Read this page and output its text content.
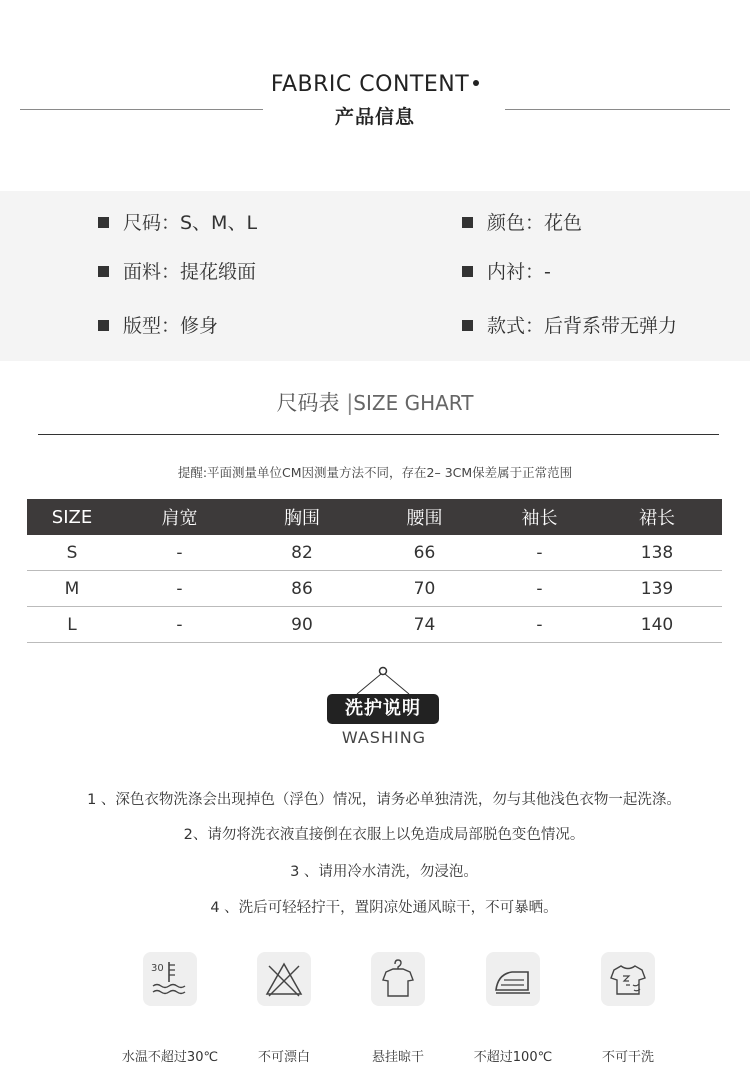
FABRIC CONTENT
产品信息
尺码：S、M、L	颜色：花色
面料：提花缎面	内衬：-
版型：修身	款式：后背系带无弹力
尺码表 |SIZE GHART
提醒:平面测量单位CM因测量方法不同，存在2– 3CM保差属于正常范围
SIZE	肩宽	胸围	腰围	袖长	裙长
S	-	82	66	-	138
M	-	86	70	-	139
L	-	90	74	-	140
洗护说明
WASHING
1 、深色衣物洗涤会出现掉色（浮色）情况，请务必单独清洗，勿与其他浅色衣物一起洗涤。
2、请勿将洗衣液直接倒在衣服上以免造成局部脱色变色情况。
3 、请用冷水清洗，勿浸泡。
4 、洗后可轻轻拧干，置阴凉处通风晾干，不可暴晒。
30
水温不超过30℃	不可漂白	悬挂晾干	不超过100℃	不可干洗
